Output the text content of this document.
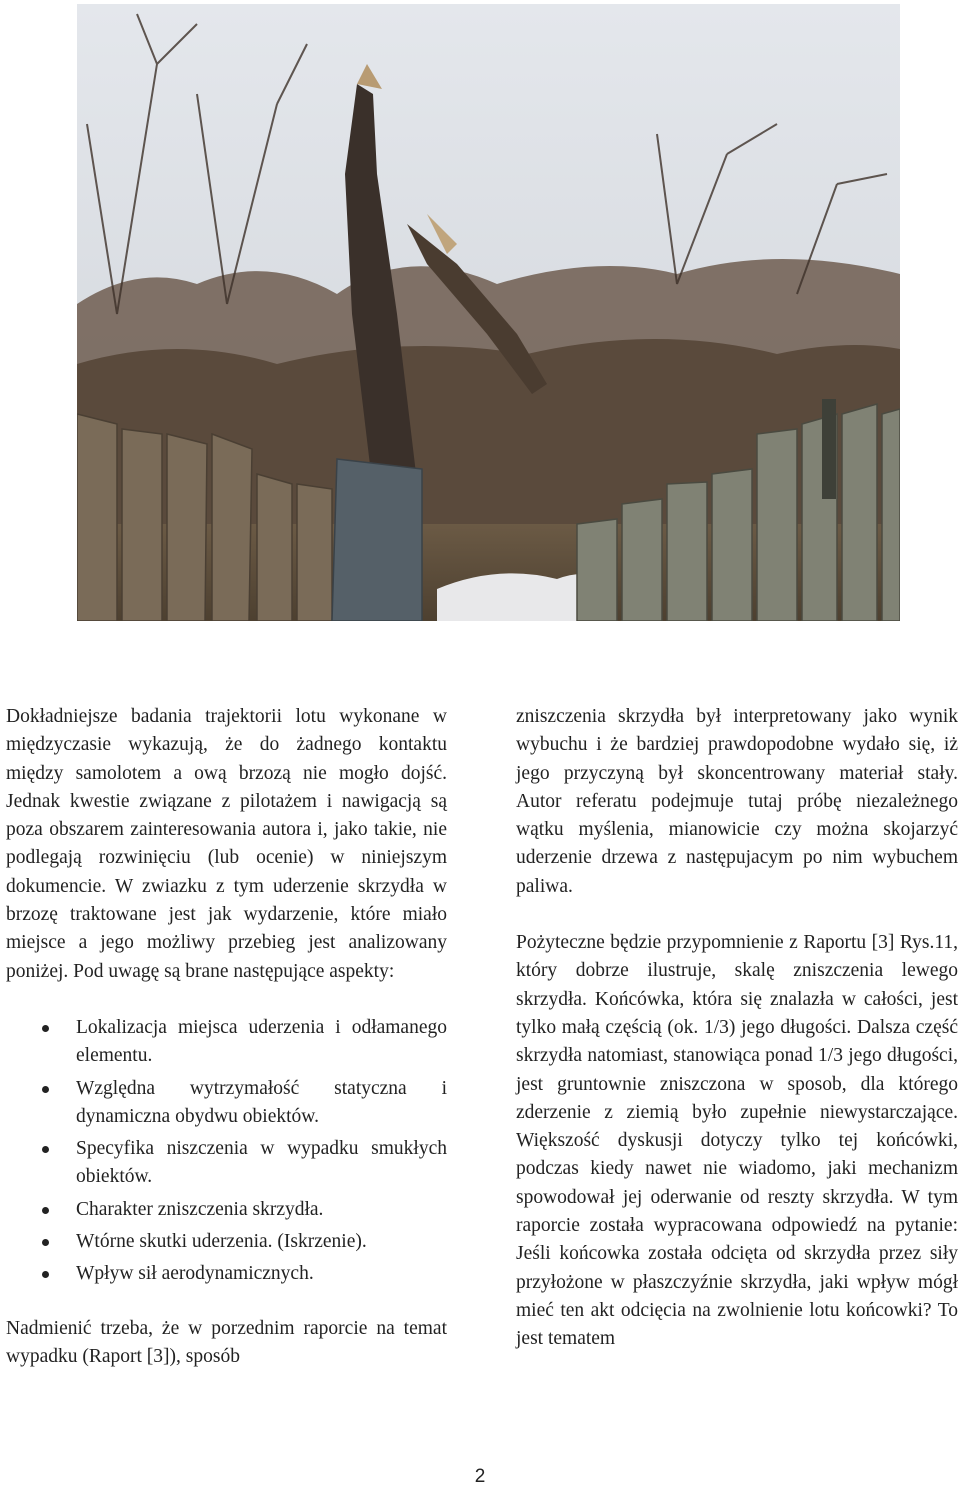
Dokładniejsze badania trajektorii lotu wykonane w międzyczasie wykazują, że do żadnego kontaktu między samolotem a ową brzozą nie mogło dojść. Jednak kwestie związane z pilotażem i nawigacją są poza obszarem zainteresowania autora i, jako takie, nie podlegają rozwinięciu (lub ocenie) w niniejszym dokumencie. W zwiazku z tym uderzenie skrzydła w brzozę traktowane jest jak wydarzenie, które miało miejsce a jego możliwy przebieg jest analizowany poniżej. Pod uwagę są brane następujące aspekty:

Lokalizacja miejsca uderzenia i odłamanego elementu.
Względna wytrzymałość statyczna i dynamiczna obydwu obiektów.
Specyfika niszczenia w wypadku smukłych obiektów.
Charakter zniszczenia skrzydła.
Wtórne skutki uderzenia. (Iskrzenie).
Wpływ sił aerodynamicznych.

Nadmienić trzeba, że w porzednim raporcie na temat wypadku (Raport [3]), sposób

zniszczenia skrzydła był interpretowany jako wynik wybuchu i że bardziej prawdopodobne wydało się, iż jego przyczyną był skoncentrowany materiał stały. Autor referatu podejmuje tutaj próbę niezależnego wątku myślenia, mianowicie czy można skojarzyć uderzenie drzewa z następujacym po nim wybuchem paliwa.

Pożyteczne będzie przypomnienie z Raportu [3] Rys.11, który dobrze ilustruje, skalę zniszczenia lewego skrzydła. Końcówka, która się znalazła w całości, jest tylko małą częścią (ok. 1/3) jego długości. Dalsza część skrzydła natomiast, stanowiąca ponad 1/3 jego długości, jest gruntownie zniszczona w sposob, dla którego zderzenie z ziemią było zupełnie niewystarczające. Większość dyskusji dotyczy tylko tej końcówki, podczas kiedy nawet nie wiadomo, jaki mechanizm spowodował jej oderwanie od reszty skrzydła. W tym raporcie została wypracowana odpowiedź na pytanie: Jeśli końcowka została odcięta od skrzydła przez siły przyłożone w płaszczyźnie skrzydła, jaki wpływ mógł mieć ten akt odcięcia na zwolnienie lotu końcowki? To jest tematem

2
